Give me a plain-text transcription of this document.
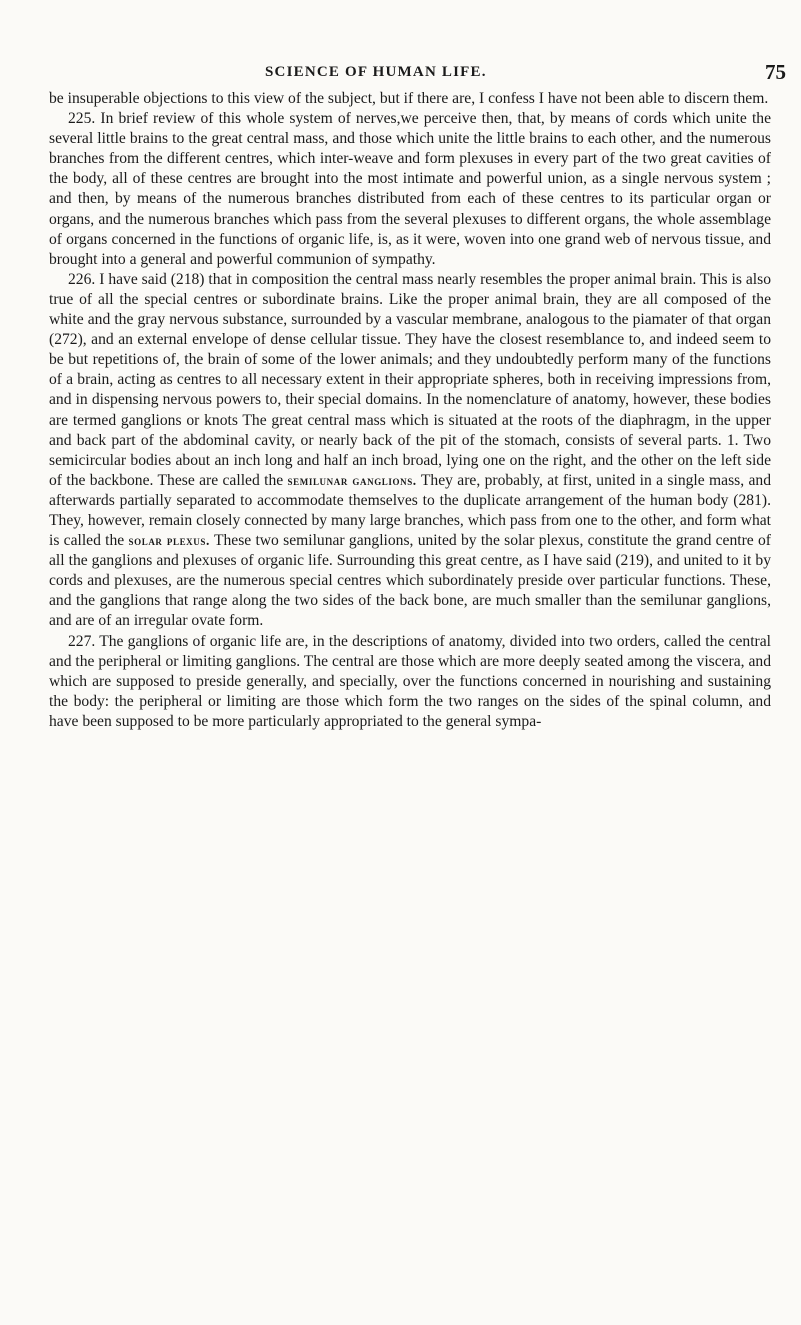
SCIENCE OF HUMAN LIFE.	75

be insuperable objections to this view of the subject, but if there are, I confess I have not been able to discern them.

225. In brief review of this whole system of nerves,we perceive then, that, by means of cords which unite the several little brains to the great central mass, and those which unite the little brains to each other, and the numerous branches from the different centres, which inter-weave and form plexuses in every part of the two great cavities of the body, all of these centres are brought into the most intimate and powerful union, as a single nervous system ; and then, by means of the numerous branches distributed from each of these centres to its particular organ or organs, and the numerous branches which pass from the several plexuses to different organs, the whole assemblage of organs concerned in the functions of organic life, is, as it were, woven into one grand web of nervous tissue, and brought into a general and powerful communion of sympathy.

226. I have said (218) that in composition the central mass nearly resembles the proper animal brain. This is also true of all the special centres or subordinate brains. Like the proper animal brain, they are all composed of the white and the gray nervous substance, surrounded by a vascular membrane, analogous to the piamater of that organ (272), and an external envelope of dense cellular tissue. They have the closest resemblance to, and indeed seem to be but repetitions of, the brain of some of the lower animals; and they undoubtedly perform many of the functions of a brain, acting as centres to all necessary extent in their appropriate spheres, both in receiving impressions from, and in dispensing nervous powers to, their special domains. In the nomenclature of anatomy, however, these bodies are termed ganglions or knots The great central mass which is situated at the roots of the diaphragm, in the upper and back part of the abdominal cavity, or nearly back of the pit of the stomach, consists of several parts. 1. Two semicircular bodies about an inch long and half an inch broad, lying one on the right, and the other on the left side of the backbone. These are called the semilunar ganglions. They are, probably, at first, united in a single mass, and afterwards partially separated to accommodate themselves to the duplicate arrangement of the human body (281). They, however, remain closely connected by many large branches, which pass from one to the other, and form what is called the solar plexus. These two semilunar ganglions, united by the solar plexus, constitute the grand centre of all the ganglions and plexuses of organic life. Surrounding this great centre, as I have said (219), and united to it by cords and plexuses, are the numerous special centres which subordinately preside over particular functions. These, and the ganglions that range along the two sides of the back bone, are much smaller than the semilunar ganglions, and are of an irregular ovate form.

227. The ganglions of organic life are, in the descriptions of anatomy, divided into two orders, called the central and the peripheral or limiting ganglions. The central are those which are more deeply seated among the viscera, and which are supposed to preside generally, and specially, over the functions concerned in nourishing and sustaining the body: the peripheral or limiting are those which form the two ranges on the sides of the spinal column, and have been supposed to be more particularly appropriated to the general sympa-
